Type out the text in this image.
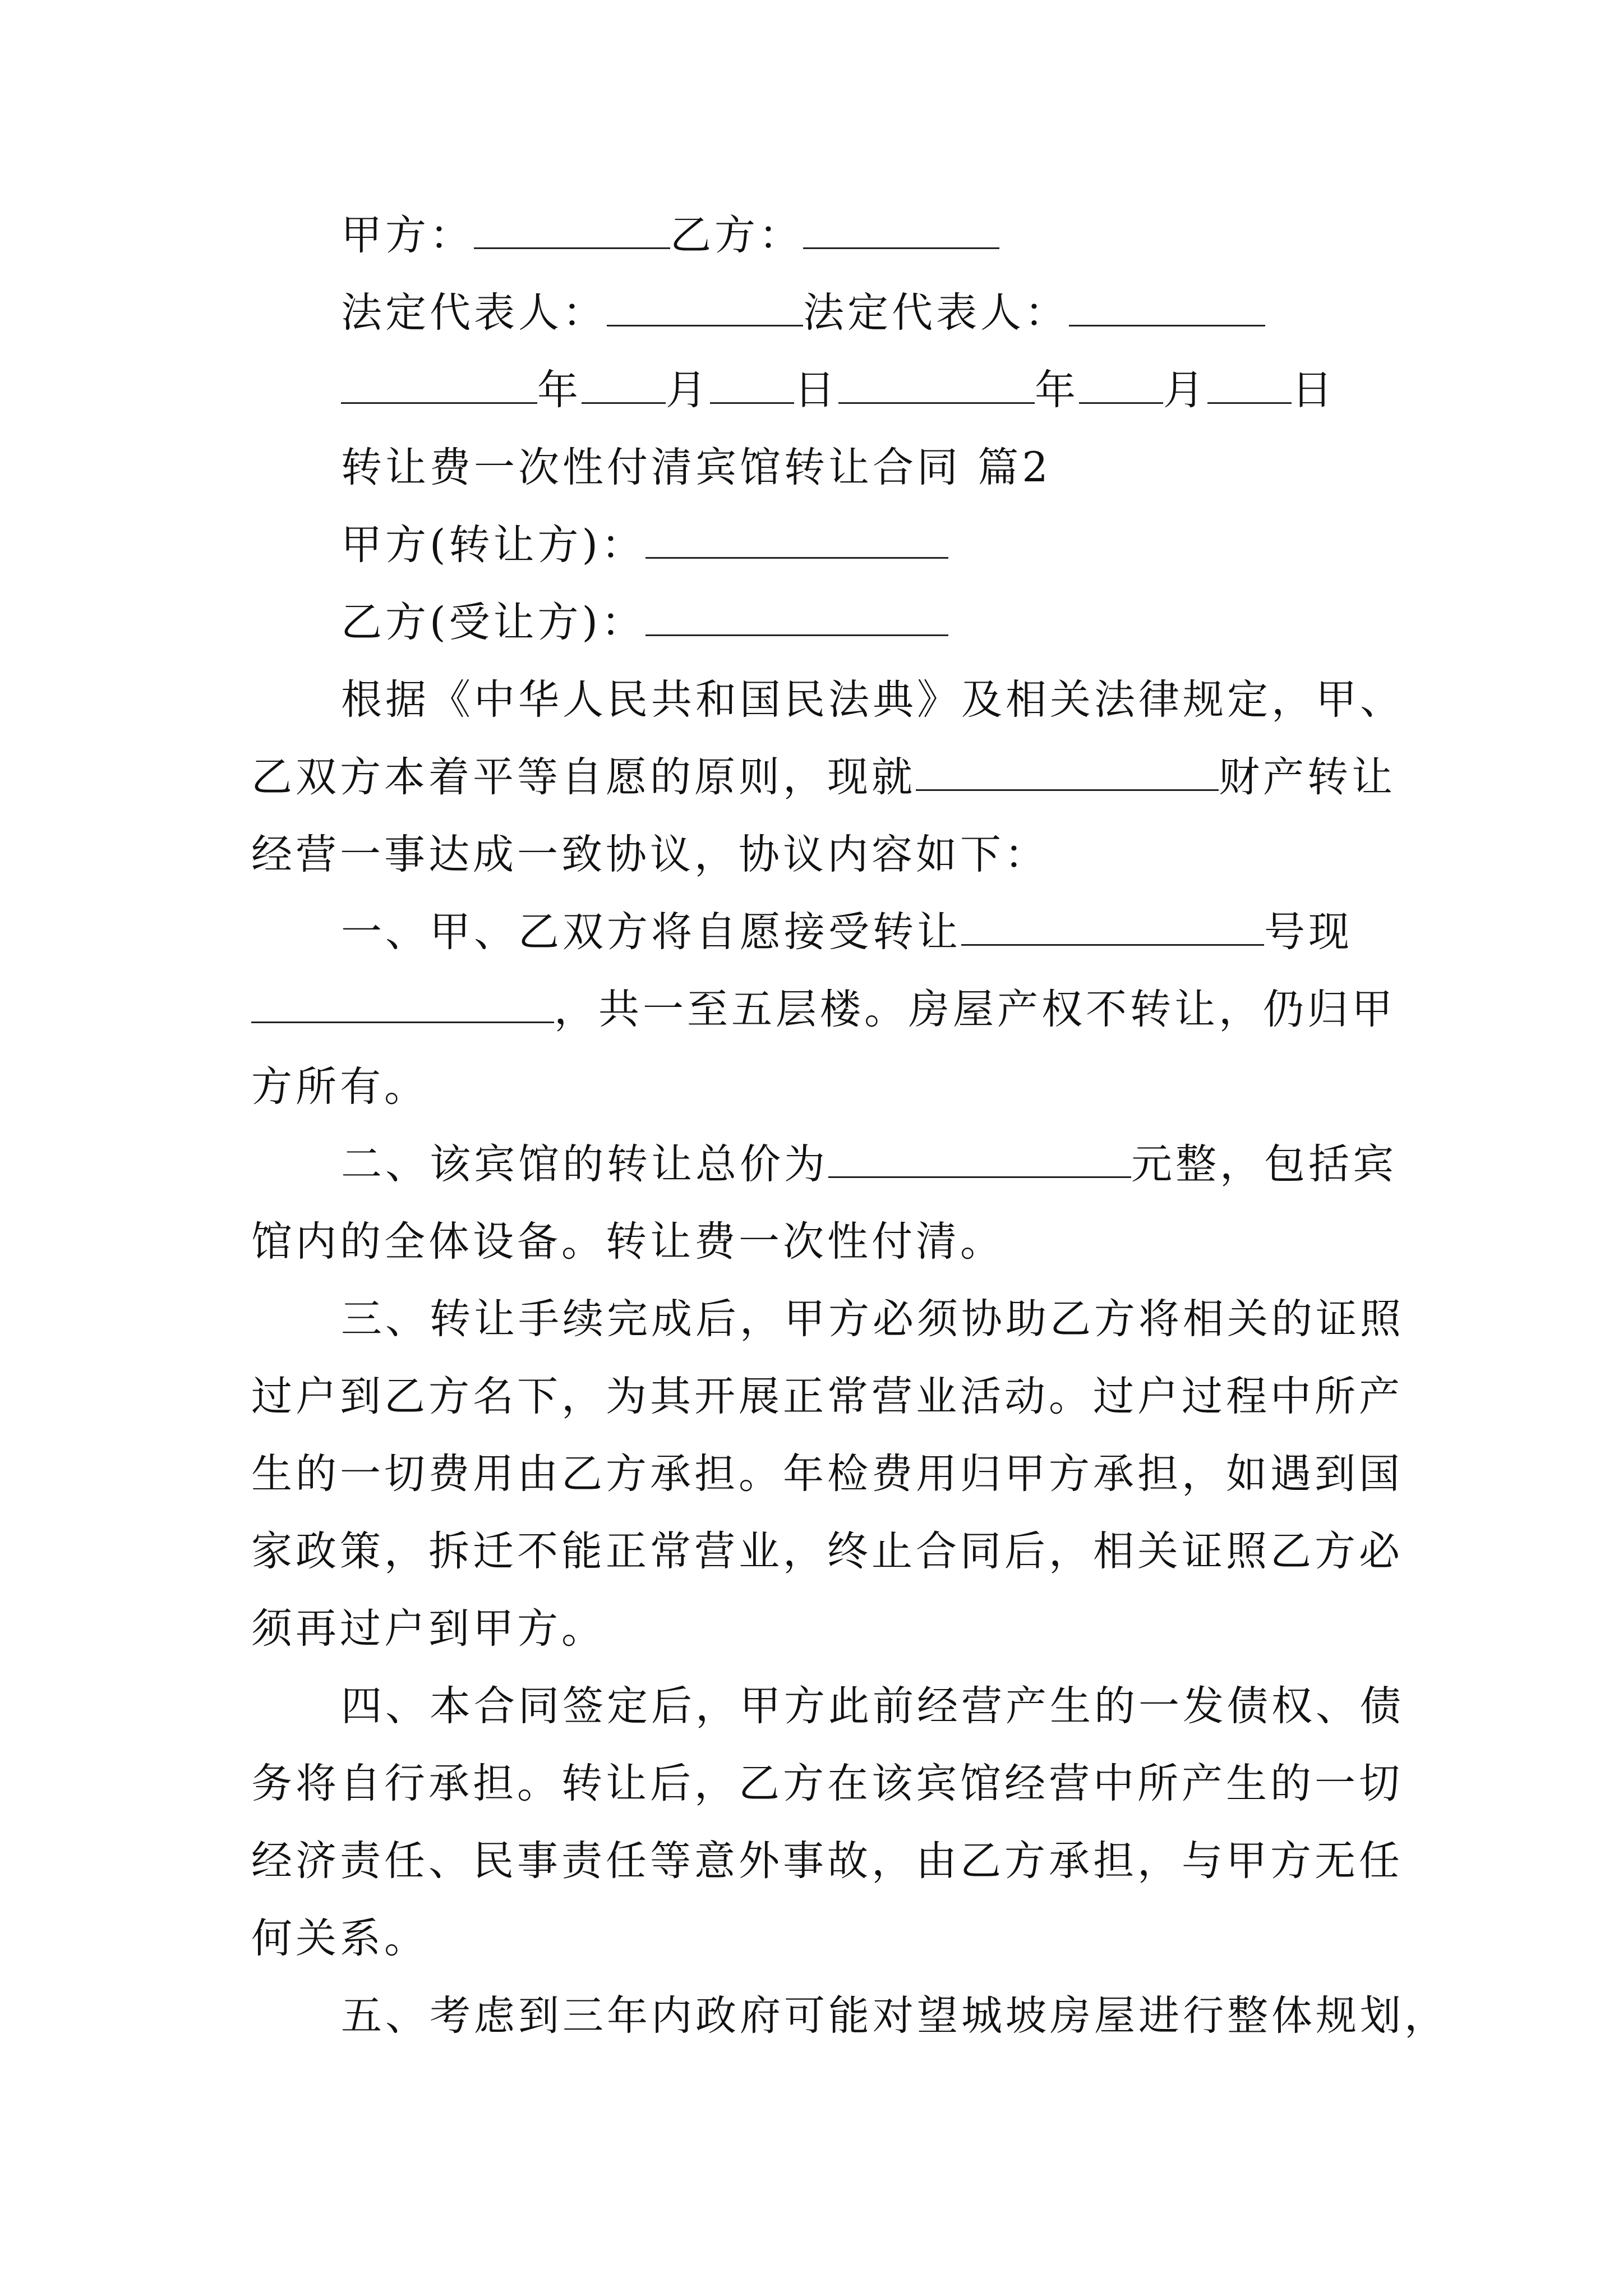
甲方：	乙方：
法定代表人：	法定代表人：
年 月 日	年 月 日
转让费一次性付清宾馆转让合同 篇2
甲方(转让方)：
乙方(受让方)：
根据《中华人民共和国民法典》及相关法律规定，甲、
乙双方本着平等自愿的原则，现就	财产转让
经营一事达成一致协议，协议内容如下：
一、甲、乙双方将自愿接受转让	号现
，共一至五层楼。房屋产权不转让，仍归甲
方所有。
二、该宾馆的转让总价为	元整，包括宾
馆内的全体设备。转让费一次性付清。
三、转让手续完成后，甲方必须协助乙方将相关的证照
过户到乙方名下，为其开展正常营业活动。过户过程中所产
生的一切费用由乙方承担。年检费用归甲方承担，如遇到国
家政策，拆迁不能正常营业，终止合同后，相关证照乙方必
须再过户到甲方。
四、本合同签定后，甲方此前经营产生的一发债权、债
务将自行承担。转让后，乙方在该宾馆经营中所产生的一切
经济责任、民事责任等意外事故，由乙方承担，与甲方无任
何关系。
五、考虑到三年内政府可能对望城坡房屋进行整体规划，
